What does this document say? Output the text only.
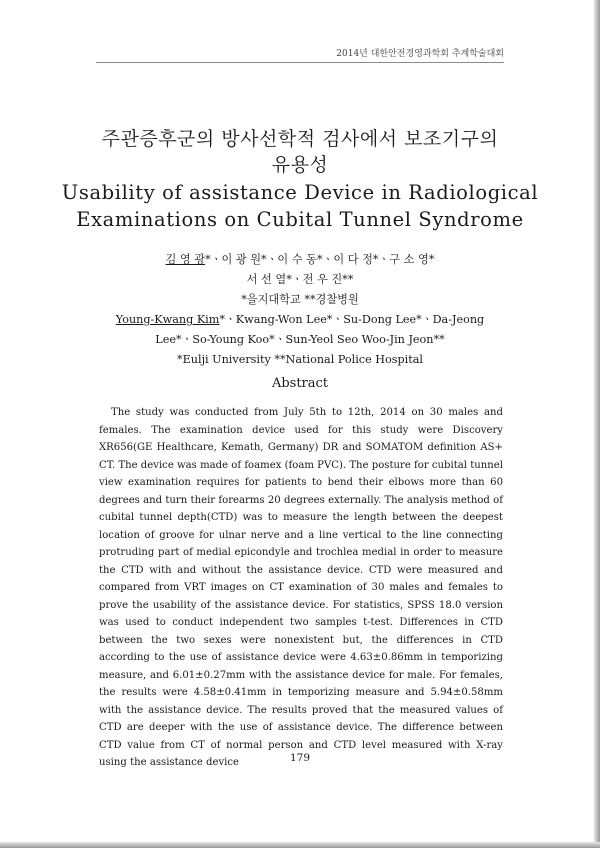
2014년 대한안전경영과학회 추계학술대회
주관증후군의 방사선학적 검사에서 보조기구의
유용성
Usability of assistance Device in Radiological
Examinations on Cubital Tunnel Syndrome
김 영 광*ㆍ이 광 원*ㆍ이 수 동*ㆍ이 다 정*ㆍ구 소 영*
서 선 열*ㆍ전 우 진**
*을지대학교 **경찰병원
Young-Kwang Kim*ㆍKwang-Won Lee*ㆍSu-Dong Lee*ㆍDa-Jeong
Lee*ㆍSo-Young Koo*ㆍSun-Yeol Seo Woo-Jin Jeon**
*Eulji University **National Police Hospital
Abstract
The study was conducted from July 5th to 12th, 2014 on 30 males and females. The examination device used for this study were Discovery XR656(GE Healthcare, Kemath, Germany) DR and SOMATOM definition AS+ CT. The device was made of foamex (foam PVC). The posture for cubital tunnel view examination requires for patients to bend their elbows more than 60 degrees and turn their forearms 20 degrees externally. The analysis method of cubital tunnel depth(CTD) was to measure the length between the deepest location of groove for ulnar nerve and a line vertical to the line connecting protruding part of medial epicondyle and trochlea medial in order to measure the CTD with and without the assistance device. CTD were measured and compared from VRT images on CT examination of 30 males and females to prove the usability of the assistance device. For statistics, SPSS 18.0 version was used to conduct independent two samples t-test. Differences in CTD between the two sexes were nonexistent but, the differences in CTD according to the use of assistance device were 4.63±0.86mm in temporizing measure, and 6.01±0.27mm with the assistance device for male. For females, the results were 4.58±0.41mm in temporizing measure and 5.94±0.58mm with the assistance device. The results proved that the measured values of CTD are deeper with the use of assistance device. The difference between CTD value from CT of normal person and CTD level measured with X-ray using the assistance device	179
